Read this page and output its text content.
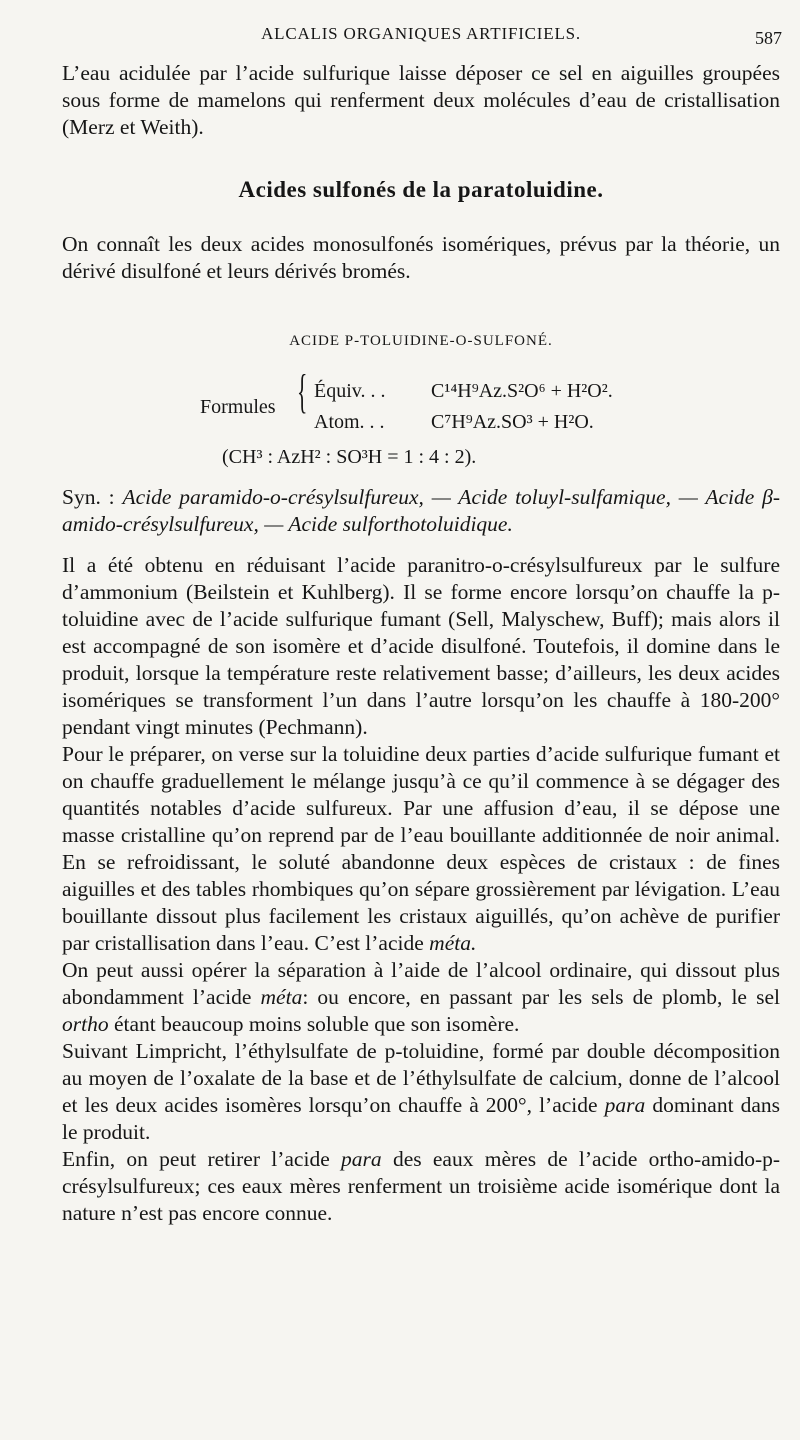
ALCALIS ORGANIQUES ARTIFICIELS.	587

L’eau acidulée par l’acide sulfurique laisse déposer ce sel en aiguilles groupées sous forme de mamelons qui renferment deux molécules d’eau de cristallisation (Merz et Weith).

Acides sulfonés de la paratoluidine.

On connaît les deux acides monosulfonés isomériques, prévus par la théorie, un dérivé disulfoné et leurs dérivés bromés.

ACIDE P-TOLUIDINE-O-SULFONÉ.
Formules { Équiv. . . C¹⁴H⁹Az.S²O⁶ + H²O².
Atom. . . C⁷H⁹Az.SO³ + H²O.
(CH³ : AzH² : SO³H = 1 : 4 : 2).

Syn. : Acide paramido-o-crésylsulfureux, — Acide toluyl-sulfamique, — Acide β-amido-crésylsulfureux, — Acide sulforthotoluidique.

Il a été obtenu en réduisant l’acide paranitro-o-crésylsulfureux par le sulfure d’ammonium (Beilstein et Kuhlberg). Il se forme encore lorsqu’on chauffe la p-toluidine avec de l’acide sulfurique fumant (Sell, Malyschew, Buff); mais alors il est accompagné de son isomère et d’acide disulfoné. Toutefois, il domine dans le produit, lorsque la température reste relativement basse; d’ailleurs, les deux acides isomériques se transforment l’un dans l’autre lorsqu’on les chauffe à 180-200° pendant vingt minutes (Pechmann).

Pour le préparer, on verse sur la toluidine deux parties d’acide sulfurique fumant et on chauffe graduellement le mélange jusqu’à ce qu’il commence à se dégager des quantités notables d’acide sulfureux. Par une affusion d’eau, il se dépose une masse cristalline qu’on reprend par de l’eau bouillante additionnée de noir animal. En se refroidissant, le soluté abandonne deux espèces de cristaux : de fines aiguilles et des tables rhombiques qu’on sépare grossièrement par lévigation. L’eau bouillante dissout plus facilement les cristaux aiguillés, qu’on achève de purifier par cristallisation dans l’eau. C’est l’acide méta.

On peut aussi opérer la séparation à l’aide de l’alcool ordinaire, qui dissout plus abondamment l’acide méta: ou encore, en passant par les sels de plomb, le sel ortho étant beaucoup moins soluble que son isomère.

Suivant Limpricht, l’éthylsulfate de p-toluidine, formé par double décomposition au moyen de l’oxalate de la base et de l’éthylsulfate de calcium, donne de l’alcool et les deux acides isomères lorsqu’on chauffe à 200°, l’acide para dominant dans le produit.

Enfin, on peut retirer l’acide para des eaux mères de l’acide ortho-amido-p-crésylsulfureux; ces eaux mères renferment un troisième acide isomérique dont la nature n’est pas encore connue.
